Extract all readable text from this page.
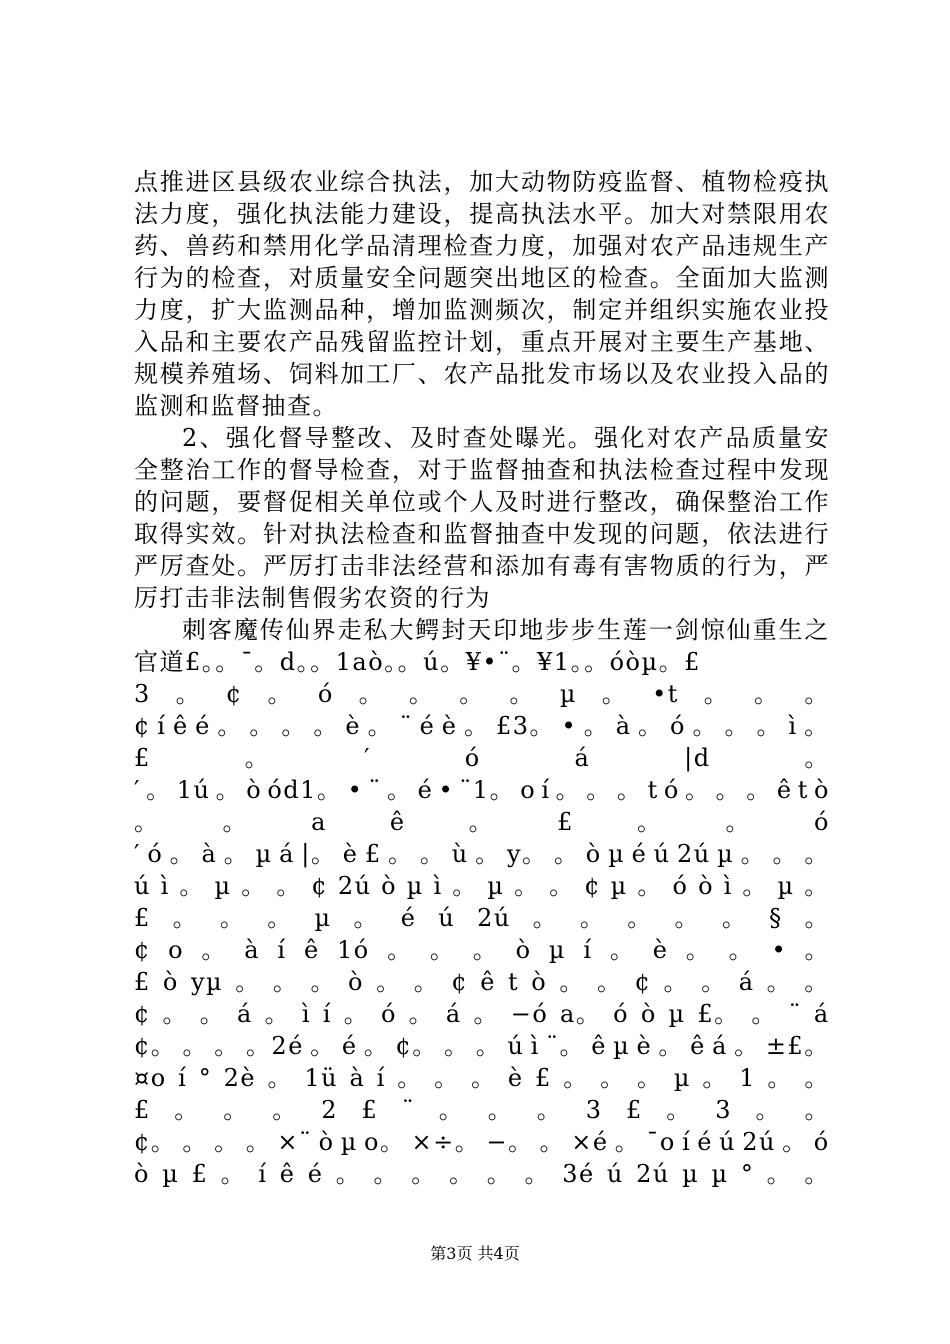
点推进区县级农业综合执法，加大动物防疫监督、植物检疫执法力度，强化执法能力建设，提高执法水平。加大对禁限用农药、兽药和禁用化学品清理检查力度，加强对农产品违规生产行为的检查，对质量安全问题突出地区的检查。全面加大监测力度，扩大监测品种，增加监测频次，制定并组织实施农业投入品和主要农产品残留监控计划，重点开展对主要生产基地、规模养殖场、饲料加工厂、农产品批发市场以及农业投入品的监测和监督抽查。

2、强化督导整改、及时查处曝光。强化对农产品质量安全整治工作的督导检查，对于监督抽查和执法检查过程中发现的问题，要督促相关单位或个人及时进行整改，确保整治工作取得实效。针对执法检查和监督抽查中发现的问题，依法进行严厉查处。严厉打击非法经营和添加有毒有害物质的行为，严厉打击非法制售假劣农资的行为

刺客魔传仙界走私大鳄封天印地步步生莲一剑惊仙重生之官道£。。¯。d。。1aò。。ú。¥•¨。¥1。。óòµ。£

3 。 ¢ 。 ó 。 。 。 。 µ 。 •t 。 。 。
¢ í ê é 。 。 。 。 è 。 ¨ é è 。 £3。 • 。 à 。 ó 。 。 。 ì 。
£	。	′	ó	á	|d	。
′ 。 1ú 。 ò ód1。 • ¨ 。 é • ¨1。 o í 。 。 。 t ó 。 。 。 ê t ò
。	。	a	ê	。	£	。	。	ó
′ ó 。 à 。 µ á |。 è £ 。 。 ù 。 y。 。 ò µ é ú 2ú µ 。 。 。
ú ì 。 µ 。 。 ¢ 2ú ò µ ì 。 µ 。 。 ¢ µ 。 ó ò ì 。 µ 。
£ 。 。 。 µ 。 é ú 2ú 。 。 。 。 。 § 。
¢ o 。 à í ê 1ó 。 。 。 ò µ í 。 è 。 。 • 。
£ ò yµ 。 。 。 ò 。 。 ¢ ê t ò 。 。 ¢ 。 。 á 。 。
¢ 。 。 á 。 ì í 。 ó 。 á 。 −ó a。 ó ò µ £。 。 ¨ á
¢。 。 。 。2é 。 é 。 ¢。 。 。 ú ì ¨。 ê µ è 。 ê á 。 ±£。
¤o í ° 2è 。 1ü à í 。 。 。 è £ 。 。 。 µ 。 1 。 。
£ 。 。 。 2 £ ¨ 。 。 。 3 £ 。 3 。 。
¢。 。 。 。 ×¨ ò µ o。 ×÷。 −。 。 ×é 。 ¯o í é ú 2ú 。 ó
ò µ £ 。 í ê é 。 。 。 。 。 。 3é ú 2ú µ µ ° 。 。
第3页 共4页
